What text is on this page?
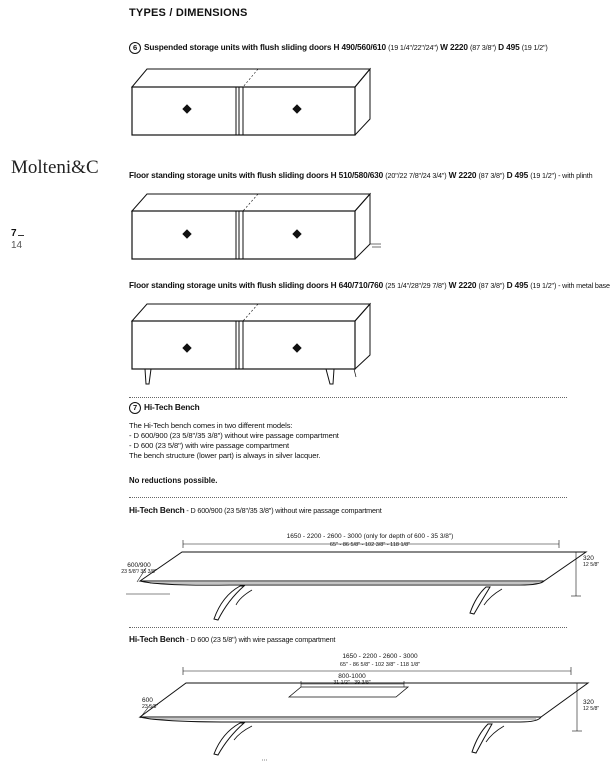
TYPES / DIMENSIONS
Molteni&C
7
14
6 Suspended storage units with flush sliding doors H 490/560/610 (19 1/4"/22"/24") W 2220 (87 3/8") D 495 (19 1/2")
Floor standing storage units with flush sliding doors H 510/580/630 (20"/22 7/8"/24 3/4") W 2220 (87 3/8") D 495 (19 1/2") - with plinth
Floor standing storage units with flush sliding doors H 640/710/760 (25 1/4"/28"/29 7/8") W 2220 (87 3/8") D 495 (19 1/2") - with metal base
7 Hi-Tech Bench
The Hi-Tech bench comes in two different models:
- D 600/900 (23 5/8"/35 3/8") without wire passage compartment
- D 600 (23 5/8") with wire passage compartment
The bench structure (lower part) is always in silver lacquer.
No reductions possible.
Hi-Tech Bench - D 600/900 (23 5/8"/35 3/8") without wire passage compartment
1650 - 2200 - 2600 - 3000 (only for depth of 600 - 35 3/8")
65" - 86 5/8" - 102 3/8" - 118 1/8"
600/900
23 5/8"/ 35 3/8"
320
12 5/8"
Hi-Tech Bench - D 600 (23 5/8") with wire passage compartment
1650 - 2200 - 2600 - 3000
65" - 86 5/8" - 102 3/8" - 118 1/8"
800-1000
31 1/2" - 39 3/8"
600
23 5/8"
320
12 5/8"
